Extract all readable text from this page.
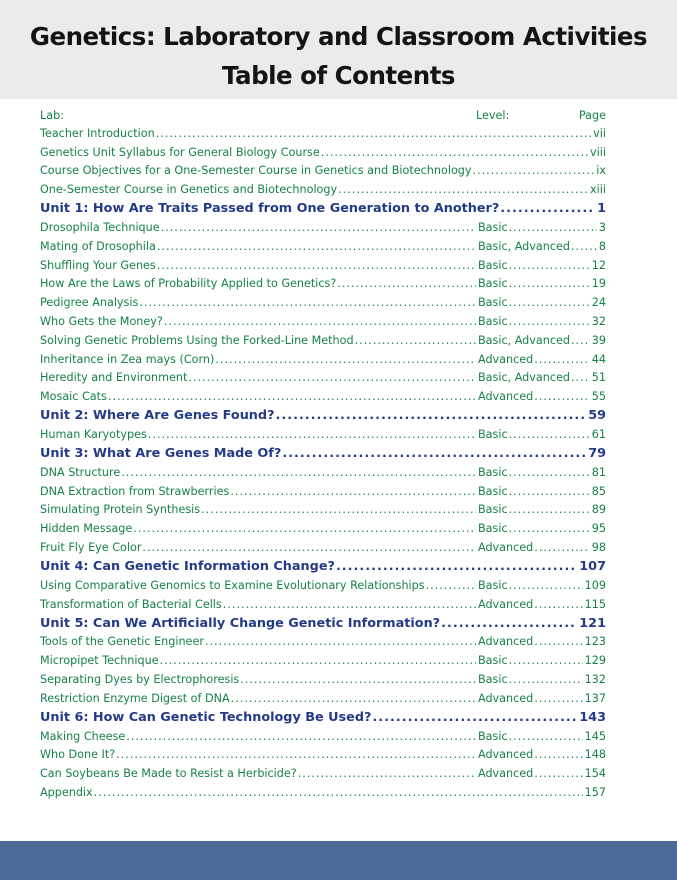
Genetics: Laboratory and Classroom Activities
Table of Contents
Lab:	Level:	Page
Teacher Introduction .....	vii
Genetics Unit Syllabus for General Biology Course .....	viii
Course Objectives for a One-Semester Course in Genetics and Biotechnology .....	ix
One-Semester Course in Genetics and Biotechnology .....	xiii
Unit 1: How Are Traits Passed from One Generation to Another? .....	1
Drosophila Technique .....	Basic .....	3
Mating of Drosophila .....	Basic, Advanced .....	8
Shuffling Your Genes .....	Basic .....	12
How Are the Laws of Probability Applied to Genetics? .....	Basic .....	19
Pedigree Analysis .....	Basic .....	24
Who Gets the Money? .....	Basic .....	32
Solving Genetic Problems Using the Forked-Line Method .....	Basic, Advanced ..... 39
Inheritance in Zea mays (Corn) .....	Advanced .....	44
Heredity and Environment .....	Basic, Advanced ..... 51
Mosaic Cats .....	Advanced .....	55
Unit 2: Where Are Genes Found? .....	59
Human Karyotypes .....	Basic .....	61
Unit 3: What Are Genes Made Of? .....	79
DNA Structure .....	Basic .....	81
DNA Extraction from Strawberries .....	Basic .....	85
Simulating Protein Synthesis .....	Basic .....	89
Hidden Message .....	Basic .....	95
Fruit Fly Eye Color .....	Advanced .....	98
Unit 4: Can Genetic Information Change? .....	107
Using Comparative Genomics to Examine Evolutionary Relationships .....	Basic .....	109
Transformation of Bacterial Cells .....	Advanced .....	115
Unit 5: Can We Artificially Change Genetic Information? .....	121
Tools of the Genetic Engineer .....	Advanced .....	123
Micropipet Technique .....	Basic .....	129
Separating Dyes by Electrophoresis .....	Basic .....	132
Restriction Enzyme Digest of DNA .....	Advanced .....	137
Unit 6: How Can Genetic Technology Be Used? .....	143
Making Cheese .....	Basic .....	145
Who Done It? .....	Advanced .....	148
Can Soybeans Be Made to Resist a Herbicide? .....	Advanced .....	154
Appendix .....	157
